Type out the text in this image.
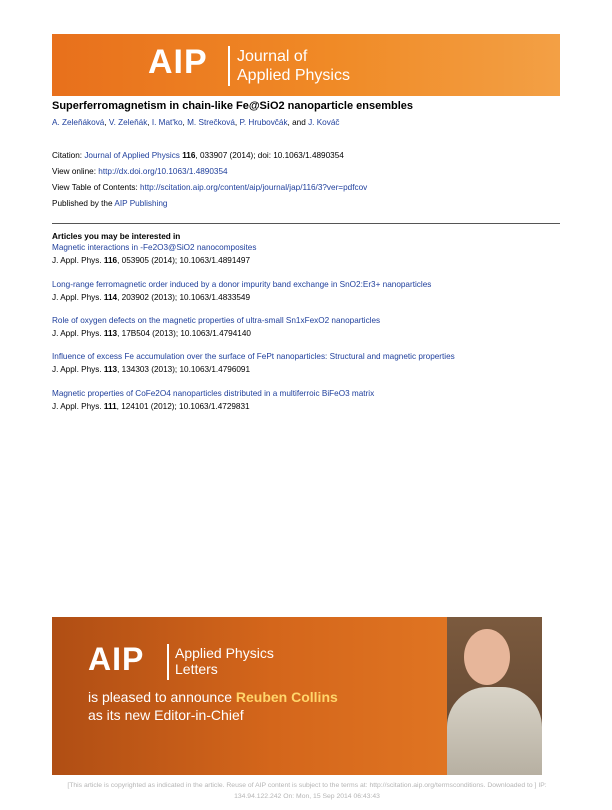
AIP Journal of
Applied Physics
Superferromagnetism in chain-like Fe@SiO2 nanoparticle ensembles
A. Zeleňáková, V. Zeleňák, I. Mat'ko, M. Strečková, P. Hrubovčák, and J. Kováč
Citation: Journal of Applied Physics 116, 033907 (2014); doi: 10.1063/1.4890354
View online: http://dx.doi.org/10.1063/1.4890354
View Table of Contents: http://scitation.aip.org/content/aip/journal/jap/116/3?ver=pdfcov
Published by the AIP Publishing
Articles you may be interested in
Magnetic interactions in -Fe2O3@SiO2 nanocomposites
J. Appl. Phys. 116, 053905 (2014); 10.1063/1.4891497
Long-range ferromagnetic order induced by a donor impurity band exchange in SnO2:Er3+ nanoparticles
J. Appl. Phys. 114, 203902 (2013); 10.1063/1.4833549
Role of oxygen defects on the magnetic properties of ultra-small Sn1xFexO2 nanoparticles
J. Appl. Phys. 113, 17B504 (2013); 10.1063/1.4794140
Influence of excess Fe accumulation over the surface of FePt nanoparticles: Structural and magnetic properties
J. Appl. Phys. 113, 134303 (2013); 10.1063/1.4796091
Magnetic properties of CoFe2O4 nanoparticles distributed in a multiferroic BiFeO3 matrix
J. Appl. Phys. 111, 124101 (2012); 10.1063/1.4729831
AIP Applied Physics
Letters
is pleased to announce Reuben Collins
as its new Editor-in-Chief
[This article is copyrighted as indicated in the article. Reuse of AIP content is subject to the terms at: http://scitation.aip.org/termsconditions. Downloaded to ] IP:
134.94.122.242 On: Mon, 15 Sep 2014 06:43:43
